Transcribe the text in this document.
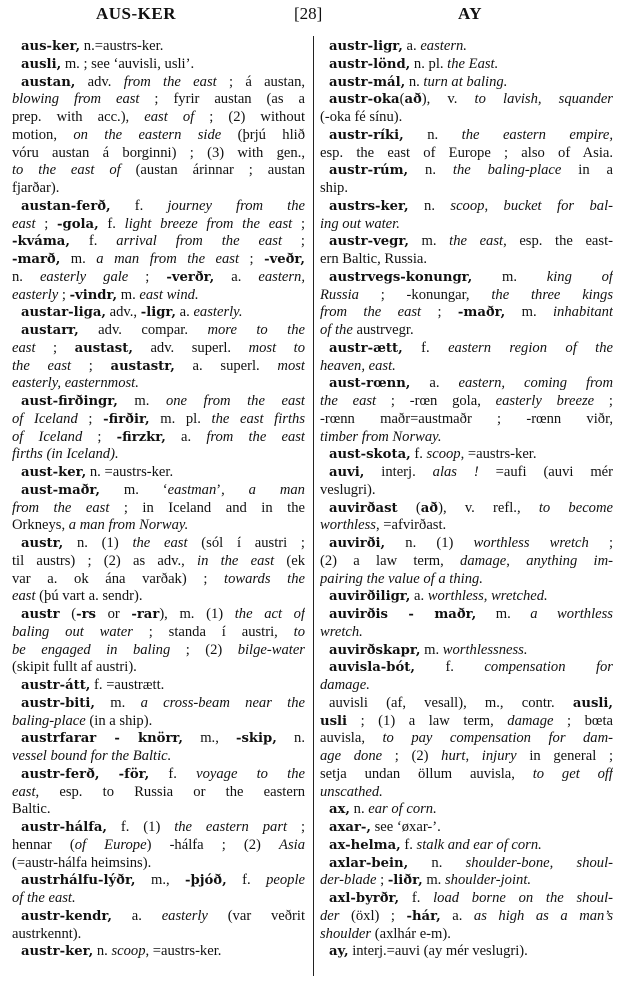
AUS-KER	[28]	AY
aus-ker, n.=austrs-ker.
ausli, m. ; see ‘auvisli, usli’.
austan, adv. from the east ; á austan,
blowing from east ; fyrir austan (as a
prep. with acc.), east of ; (2) without
motion, on the eastern side (þrjú hlið
vóru austan á borginni) ; (3) with gen.,
to the east of (austan árinnar ; austan
fjarðar).
austan-ferð, f. journey from the
east ; -gola, f. light breeze from the east ;
-kváma, f. arrival from the east ;
-marð, m. a man from the east ; -veðr,
n. easterly gale ; -verðr, a. eastern,
easterly ; -vindr, m. east wind.
austar-liga, adv., -ligr, a. easterly.
austarr, adv. compar. more to the
east ; austast, adv. superl. most to
the east ; austastr, a. superl. most
easterly, easternmost.
aust-firðingr, m. one from the east
of Iceland ; -firðir, m. pl. the east firths
of Iceland ; -firzkr, a. from the east
firths (in Iceland).
aust-ker, n. =austrs-ker.
aust-maðr, m. ‘eastman’, a man
from the east ; in Iceland and in the
Orkneys, a man from Norway.
austr, n. (1) the east (sól í austri ;
til austrs) ; (2) as adv., in the east (ek
var a. ok ána varðak) ; towards the
east (þú vart a. sendr).
austr (-rs or -rar), m. (1) the act of
baling out water ; standa í austri, to
be engaged in baling ; (2) bilge-water
(skipit fullt af austri).
austr-átt, f. =austrætt.
austr-biti, m. a cross-beam near the
baling-place (in a ship).
austrfarar - knörr, m., -skip, n.
vessel bound for the Baltic.
austr-ferð, -för, f. voyage to the
east, esp. to Russia or the eastern
Baltic.
austr-hálfa, f. (1) the eastern part ;
hennar (of Europe) -hálfa ; (2) Asia
(=austr-hálfa heimsins).
austrhálfu-lýðr, m., -þjóð, f. people
of the east.
austr-kendr, a. easterly (var veðrit
austrkennt).
austr-ker, n. scoop, =austrs-ker.
austr-ligr, a. eastern.
austr-lönd, n. pl. the East.
austr-mál, n. turn at baling.
austr-oka(að), v. to lavish, squander
(-oka fé sínu).
austr-ríki, n. the eastern empire,
esp. the east of Europe ; also of Asia.
austr-rúm, n. the baling-place in a
ship.
austrs-ker, n. scoop, bucket for bal-
ing out water.
austr-vegr, m. the east, esp. the east-
ern Baltic, Russia.
austrvegs-konungr, m. king of
Russia ; -konungar, the three kings
from the east ; -maðr, m. inhabitant
of the austrvegr.
austr-ætt, f. eastern region of the
heaven, east.
aust-rœnn, a. eastern, coming from
the east ; -rœn gola, easterly breeze ;
-rœnn maðr=austmaðr ; -rœnn viðr,
timber from Norway.
aust-skota, f. scoop, =austrs-ker.
auvi, interj. alas ! =aufi (auvi mér
veslugri).
auvirðast (að), v. refl., to become
worthless, =afvirðast.
auvirði, n. (1) worthless wretch ;
(2) a law term, damage, anything im-
pairing the value of a thing.
auvirðiligr, a. worthless, wretched.
auvirðis - maðr, m. a worthless
wretch.
auvirðskapr, m. worthlessness.
auvisla-bót, f. compensation for
damage.
auvisli (af, vesall), m., contr. ausli,
usli ; (1) a law term, damage ; bœta
auvisla, to pay compensation for dam-
age done ; (2) hurt, injury in general ;
setja undan öllum auvisla, to get off
unscathed.
ax, n. ear of corn.
axar-, see ‘øxar-’.
ax-helma, f. stalk and ear of corn.
axlar-bein, n. shoulder-bone, shoul-
der-blade ; -liðr, m. shoulder-joint.
axl-byrðr, f. load borne on the shoul-
der (öxl) ; -hár, a. as high as a man’s
shoulder (axlhár e-m).
ay, interj.=auvi (ay mér veslugri).
